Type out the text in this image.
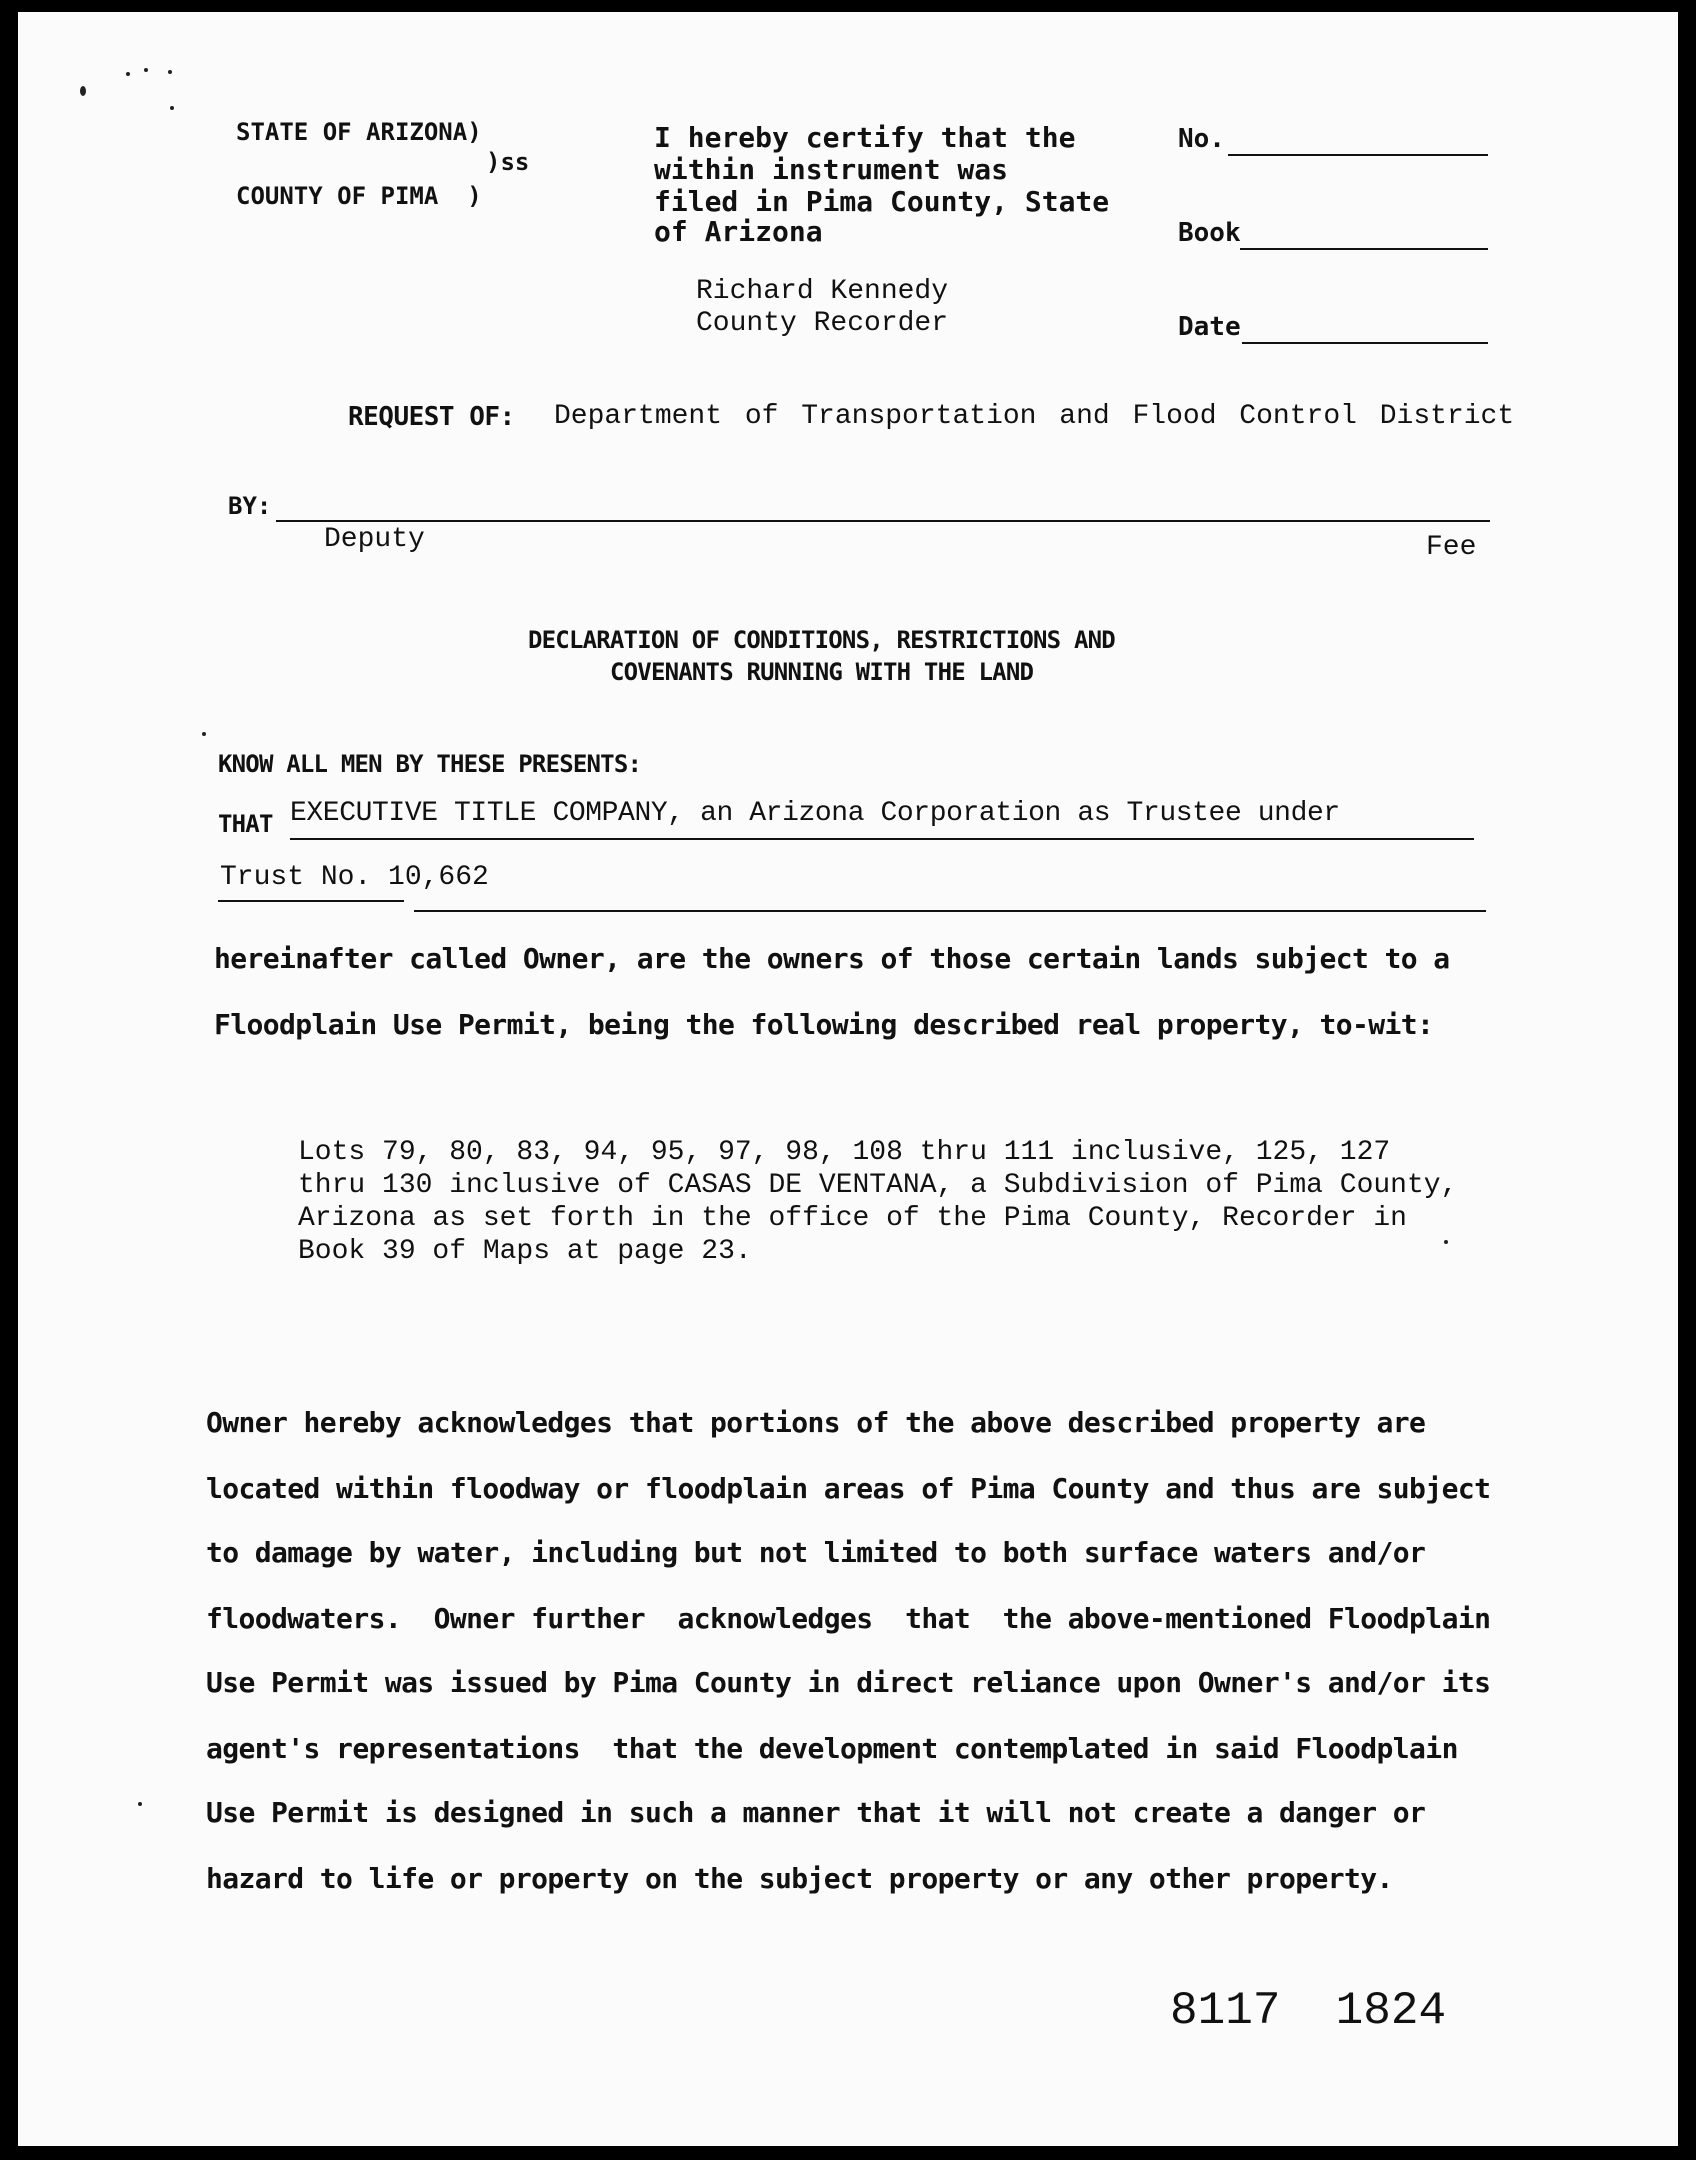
STATE OF ARIZONA)
)ss
COUNTY OF PIMA  )
I hereby certify that the
within instrument was
filed in Pima County, State
of Arizona
Richard Kennedy
County Recorder
No.
Book
Date
REQUEST OF: Department of Transportation and Flood Control District
BY:
Deputy	Fee
DECLARATION OF CONDITIONS, RESTRICTIONS AND
COVENANTS RUNNING WITH THE LAND
KNOW ALL MEN BY THESE PRESENTS:
THAT EXECUTIVE TITLE COMPANY, an Arizona Corporation as Trustee under
Trust No. 10,662
hereinafter called Owner, are the owners of those certain lands subject to a
Floodplain Use Permit, being the following described real property, to-wit:
Lots 79, 80, 83, 94, 95, 97, 98, 108 thru 111 inclusive, 125, 127
thru 130 inclusive of CASAS DE VENTANA, a Subdivision of Pima County,
Arizona as set forth in the office of the Pima County, Recorder in
Book 39 of Maps at page 23.
Owner hereby acknowledges that portions of the above described property are
located within floodway or floodplain areas of Pima County and thus are subject
to damage by water, including but not limited to both surface waters and/or
floodwaters.  Owner further  acknowledges  that  the above-mentioned Floodplain
Use Permit was issued by Pima County in direct reliance upon Owner's and/or its
agent's representations  that the development contemplated in said Floodplain
Use Permit is designed in such a manner that it will not create a danger or
hazard to life or property on the subject property or any other property.
8117  1824
